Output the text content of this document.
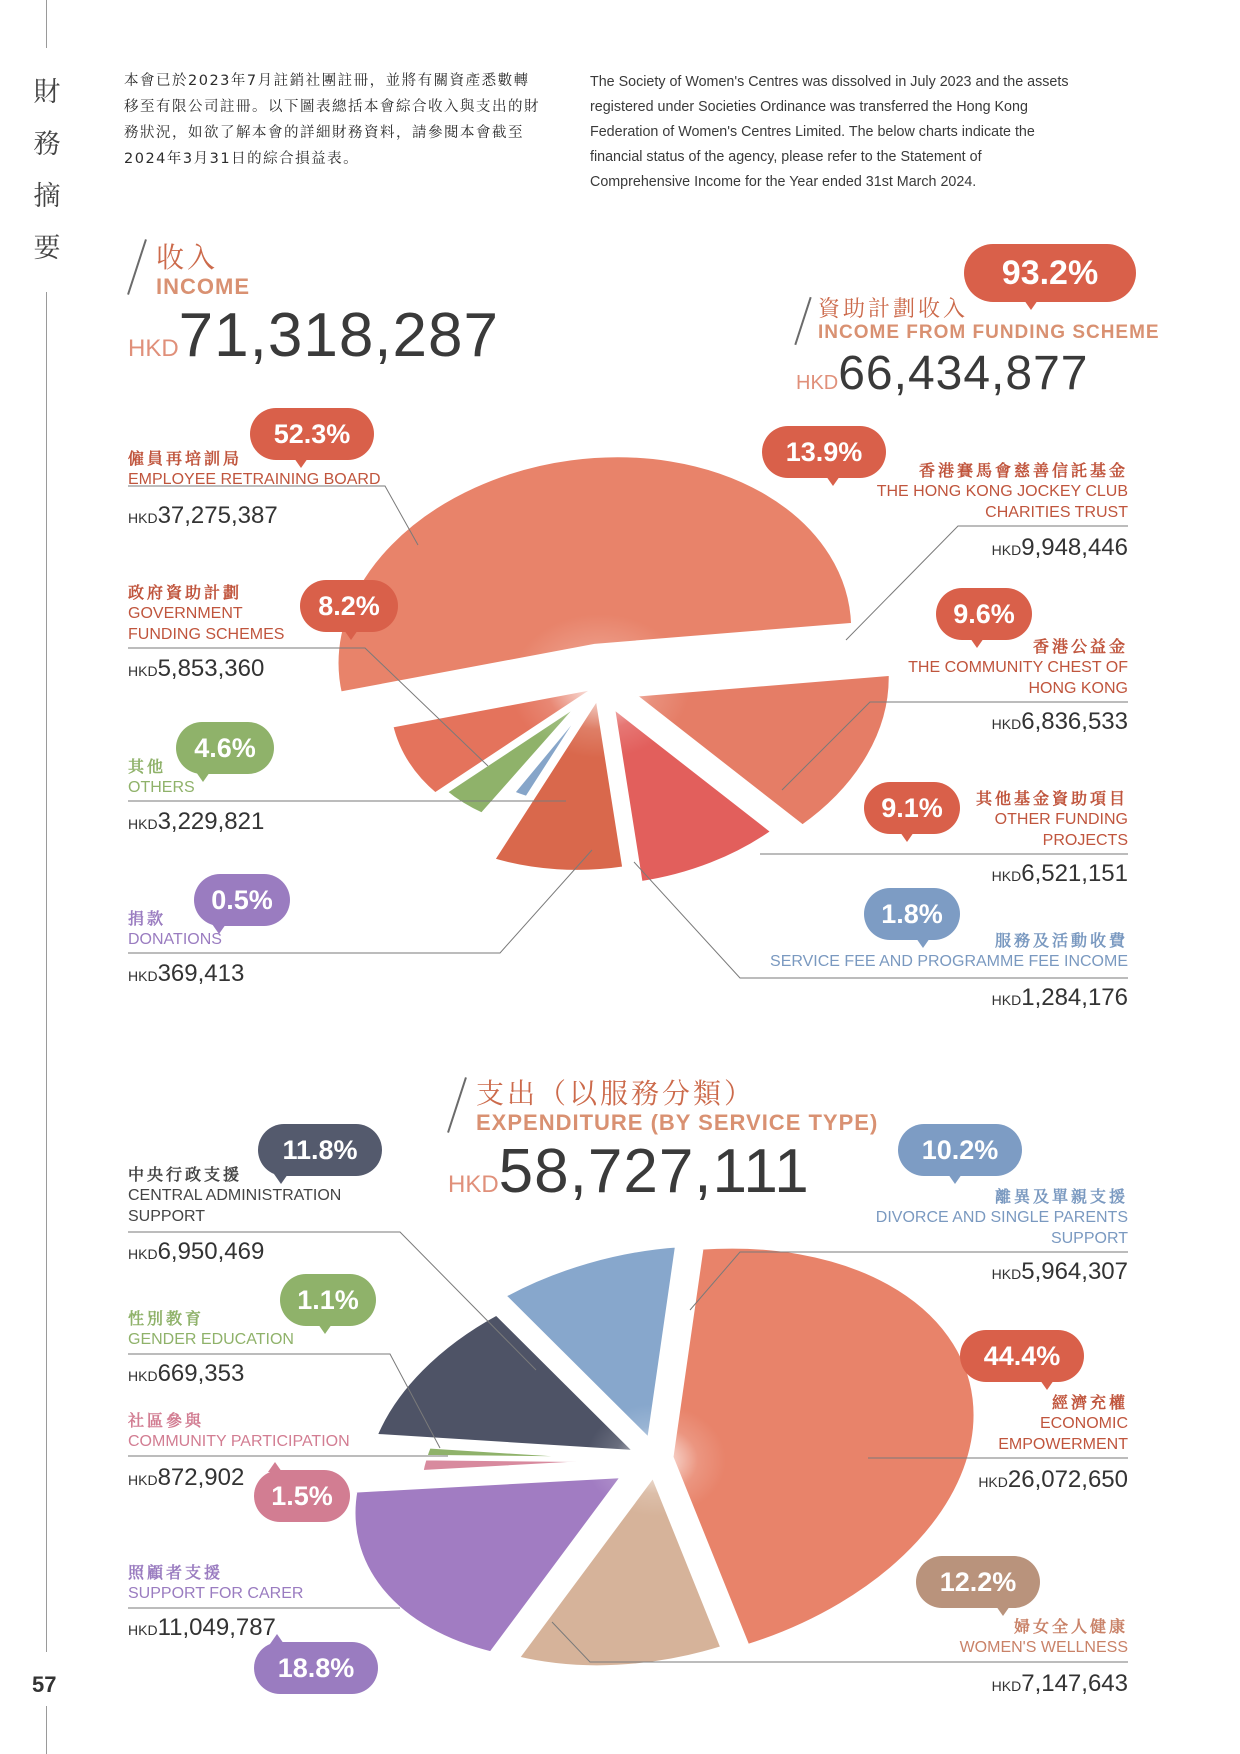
財
務
摘
要
57
本會已於2023年7月註銷社團註冊，並將有關資產悉數轉移至有限公司註冊。以下圖表總括本會綜合收入與支出的財務狀況，如欲了解本會的詳細財務資料，請參閱本會截至2024年3月31日的綜合損益表。
The Society of Women's Centres was dissolved in July 2023 and the assets registered under Societies Ordinance was transferred the Hong Kong Federation of Women's Centres Limited. The below charts indicate the financial status of the agency, please refer to the Statement of Comprehensive Income for the Year ended 31st March 2024.
收入
INCOME
HKD71,318,287
93.2%
資助計劃收入
INCOME FROM FUNDING SCHEME
HKD66,434,877
支出（以服務分類）
EXPENDITURE (BY SERVICE TYPE)
HKD58,727,111
52.3%
僱員再培訓局
EMPLOYEE RETRAINING BOARD
HKD37,275,387
8.2%
政府資助計劃
GOVERNMENT FUNDING SCHEMES
HKD5,853,360
4.6%
其他
OTHERS
HKD3,229,821
0.5%
捐款
DONATIONS
HKD369,413
13.9%
香港賽馬會慈善信託基金
THE HONG KONG JOCKEY CLUB CHARITIES TRUST
HKD9,948,446
9.6%
香港公益金
THE COMMUNITY CHEST OF HONG KONG
HKD6,836,533
9.1%	其他基金資助項目
OTHER FUNDING PROJECTS
HKD6,521,151
1.8%
服務及活動收費
SERVICE FEE AND PROGRAMME FEE INCOME
HKD1,284,176
11.8%
中央行政支援
CENTRAL ADMINISTRATION SUPPORT
HKD6,950,469
1.1%
性別教育
GENDER EDUCATION
HKD669,353
社區參與
COMMUNITY PARTICIPATION
HKD872,902
1.5%
照顧者支援
SUPPORT FOR CARER
HKD11,049,787
18.8%
10.2%
離異及單親支援
DIVORCE AND SINGLE PARENTS SUPPORT
HKD5,964,307
44.4%
經濟充權
ECONOMIC EMPOWERMENT
HKD26,072,650
12.2%
婦女全人健康
WOMEN'S WELLNESS
HKD7,147,643
